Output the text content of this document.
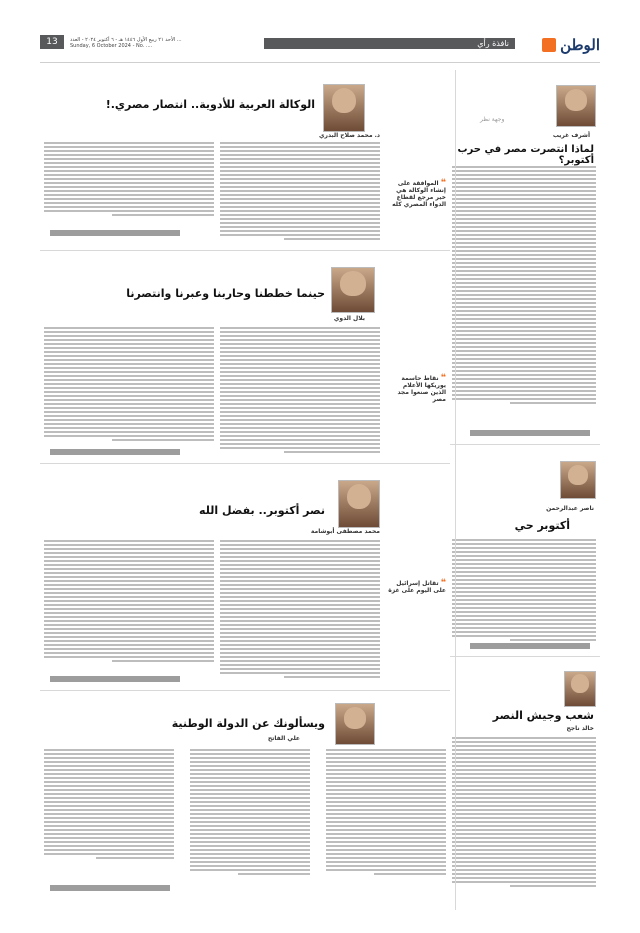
الوطن
نافذة رأي
الأحد ٢١ ربيع الأول ١٤٤٦ هـ - ٦ أكتوبر ٢٠٢٤ - العدد ...
Sunday, 6 October 2024 - No. ....
13
وجهة نظر
أشرف غريب
لماذا انتصرت مصر في حرب أكتوبر؟
ناصر عبدالرحمن
أكتوبر حي
شعب وجيش النصر
خالد ناجح
الوكالة العربية للأدوية.. انتصار مصري.!
د. محمد صلاح البدري
❝ الموافقة على إنشاء الوكالة هي خير مرجع لقطاع الدواء المصري كله
حينما خططنا وحاربنا وعبرنا وانتصرنا
بلال الدوي
❝ نقاط حاسمة يوريكها الأعلام الذين صنعوا مجد مصر
نصر أكتوبر.. بفضل الله
محمد مصطفى أبوشامة
❝ تقاتل إسرائيل على اليوم على غزة
ويسألونك عن الدولة الوطنية
علي الفاتح
